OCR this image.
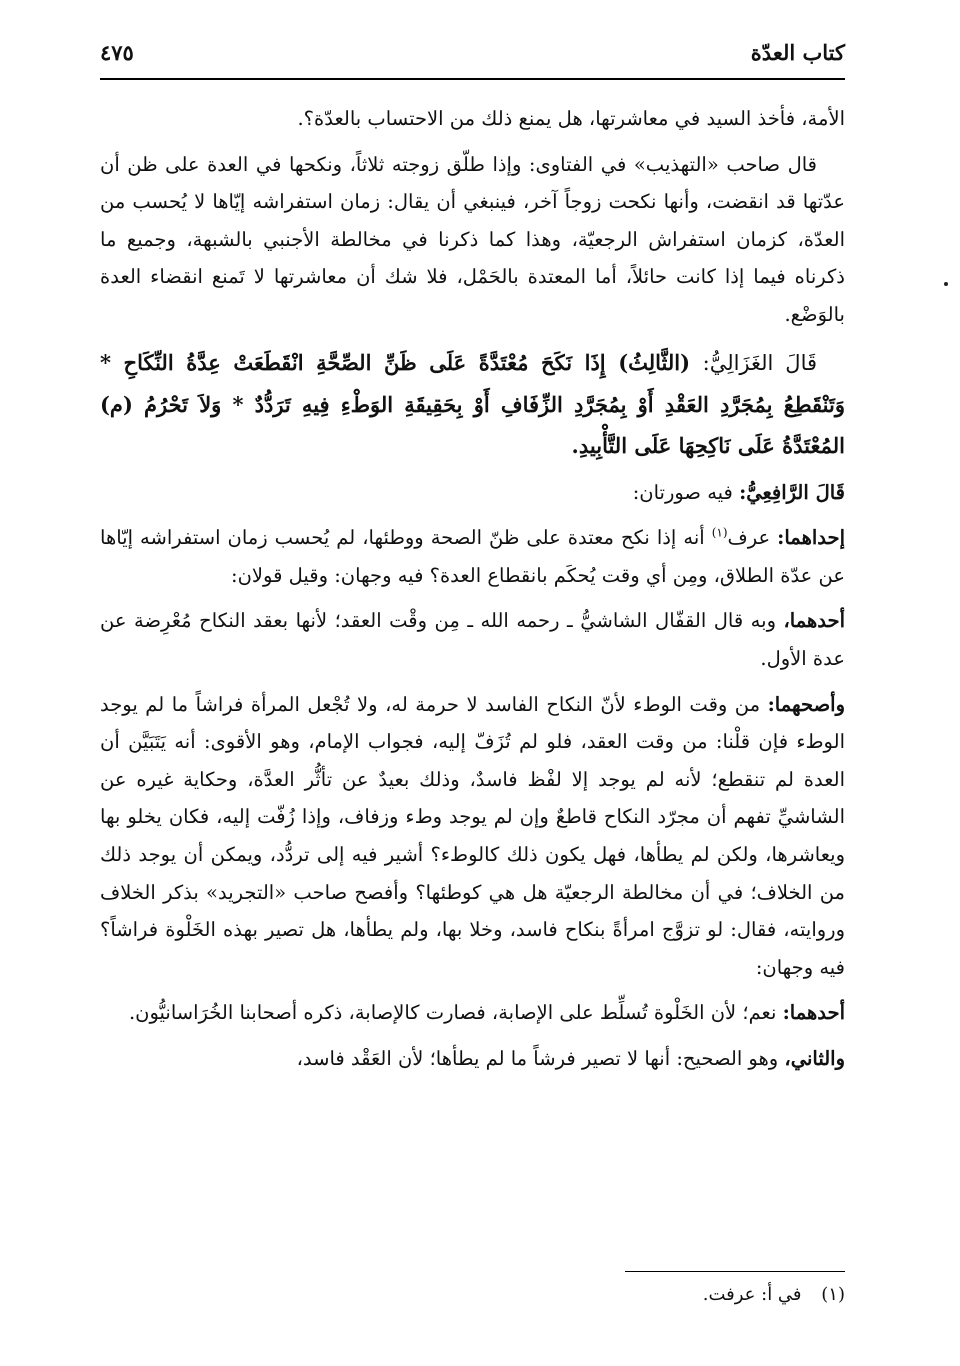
كتاب العدّة
٤٧٥

الأمة، فأخذ السيد في معاشرتها، هل يمنع ذلك من الاحتساب بالعدّة؟.

قال صاحب «التهذيب» في الفتاوى: وإذا طلّق زوجته ثلاثاً، ونكحها في العدة على ظن أن عدّتها قد انقضت، وأنها نكحت زوجاً آخر، فينبغي أن يقال: زمان استفراشه إيّاها لا يُحسب من العدّة، كزمان استفراش الرجعيّة، وهذا كما ذكرنا في مخالطة الأجنبي بالشبهة، وجميع ما ذكرناه فيما إذا كانت حائلاً، أما المعتدة بالحَمْل، فلا شك أن معاشرتها لا تَمنع انقضاء العدة بالوَضْع.

قَالَ الغَزَالِيُّ: (الثَّالِثُ) إِذَا نَكَحَ مُعْتَدَّةً عَلَى ظَنِّ الصِّحَّةِ انْقَطَعَتْ عِدَّةُ النِّكَاحِ * وَتَنْقَطِعُ بِمُجَرَّدِ العَقْدِ أَوْ بِمُجَرَّدِ الزِّفَافِ أَوْ بِحَقِيقَةِ الوَطْءِ فِيهِ تَرَدُّدٌ * وَلاَ تَحْرُمُ (م) المُعْتَدَّةُ عَلَى نَاكِحِهَا عَلَى التَّأْبِيدِ.

قَالَ الرَّافِعِيُّ: فيه صورتان:

إحداهما: عرف$^{(١)}$ أنه إذا نكح معتدة على ظنّ الصحة ووطئها، لم يُحسب زمان استفراشه إيّاها عن عدّة الطلاق، ومِن أي وقت يُحكَم بانقطاع العدة؟ فيه وجهان: وقيل قولان:

أحدهما، وبه قال القفّال الشاشيُّ ـ رحمه الله ـ مِن وقْت العقد؛ لأنها بعقد النكاح مُعْرِضة عن عدة الأول.

وأصحهما: من وقت الوطء لأنّ النكاح الفاسد لا حرمة له، ولا تُجْعل المرأة فراشاً ما لم يوجد الوطء فإن قلْنا: من وقت العقد، فلو لم تُزَفّ إليه، فجواب الإمام، وهو الأقوى: أنه يَتَبَيَّن أن العدة لم تنقطع؛ لأنه لم يوجد إلا لفْظ فاسدٌ، وذلك بعيدٌ عن تأثُّر العدَّة، وحكاية غيره عن الشاشيِّ تفهم أن مجرّد النكاح قاطعٌ وإن لم يوجد وطء وزفاف، وإذا زُفّت إليه، فكان يخلو بها ويعاشرها، ولكن لم يطأها، فهل يكون ذلك كالوطء؟ أشير فيه إلى تردُّد، ويمكن أن يوجد ذلك من الخلاف؛ في أن مخالطة الرجعيّة هل هي كوطئها؟ وأفصح صاحب «التجريد» بذكر الخلاف وروايته، فقال: لو تزوَّج امرأةً بنكاح فاسد، وخلا بها، ولم يطأها، هل تصير بهذه الخَلْوة فراشاً؟ فيه وجهان:

أحدهما: نعم؛ لأن الخَلْوة تُسلِّط على الإصابة، فصارت كالإصابة، ذكره أصحابنا الخُرَاسانيُّون.

والثاني، وهو الصحيح: أنها لا تصير فرشاً ما لم يطأها؛ لأن العَقْد فاسد،

(١) في أ: عرفت.
